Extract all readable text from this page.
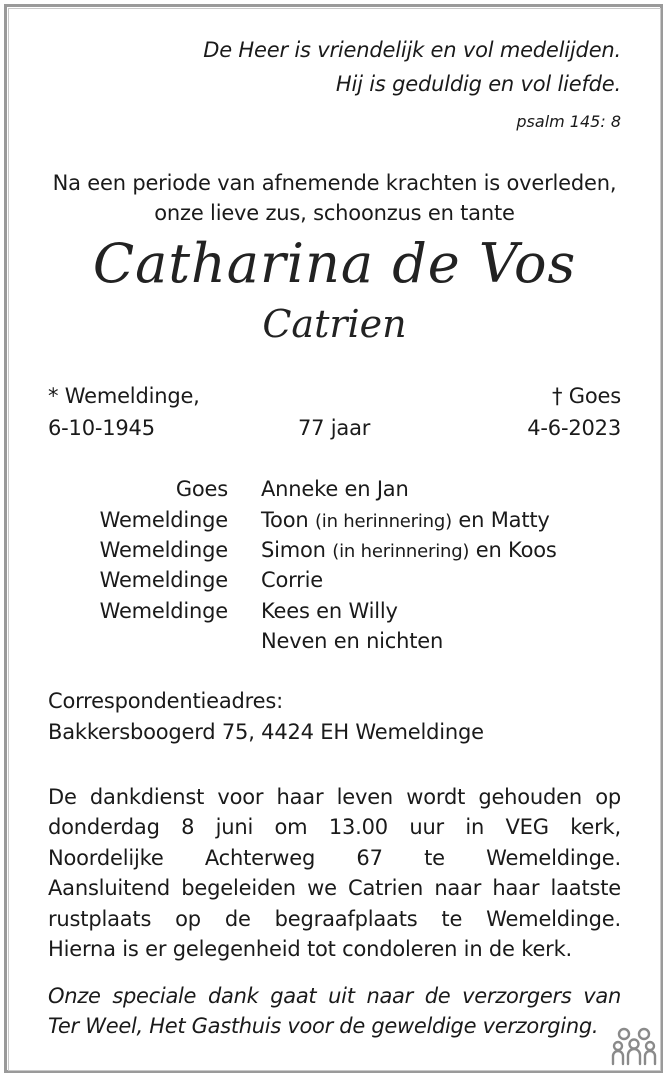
De Heer is vriendelijk en vol medelijden.
Hij is geduldig en vol liefde.
psalm 145: 8
Na een periode van afnemende krachten is overleden,
onze lieve zus, schoonzus en tante
Catharina de Vos
Catrien
* Wemeldinge,
6-10-1945	77 jaar
† Goes
4-6-2023
Goes Anneke en Jan
Wemeldinge Toon (in herinnering) en Matty
Wemeldinge Simon (in herinnering) en Koos
Wemeldinge Corrie
Wemeldinge Kees en Willy
Neven en nichten
Correspondentieadres:
Bakkersboogerd 75, 4424 EH Wemeldinge
De dankdienst voor haar leven wordt gehouden op
donderdag 8 juni om 13.00 uur in VEG kerk,
Noordelijke Achterweg 67 te Wemeldinge.
Aansluitend begeleiden we Catrien naar haar laatste
rustplaats op de begraafplaats te Wemeldinge.
Hierna is er gelegenheid tot condoleren in de kerk.
Onze speciale dank gaat uit naar de verzorgers van
Ter Weel, Het Gasthuis voor de geweldige verzorging.
